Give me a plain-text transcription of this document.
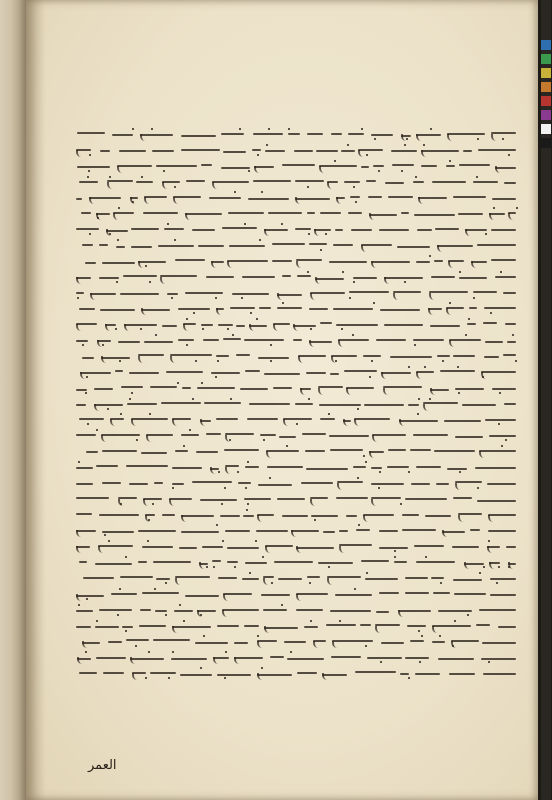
العمر
